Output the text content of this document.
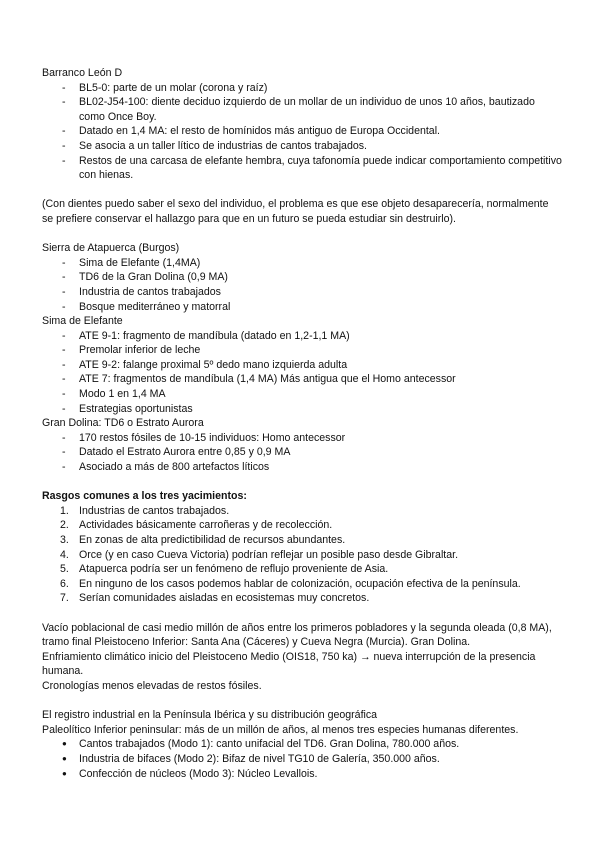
Barranco León D

- BL5-0: parte de un molar (corona y raíz)
- BL02-J54-100: diente deciduo izquierdo de un mollar de un individuo de unos 10 años, bautizado como Once Boy.
- Datado en 1,4 MA: el resto de homínidos más antiguo de Europa Occidental.
- Se asocia a un taller lítico de industrias de cantos trabajados.
- Restos de una carcasa de elefante hembra, cuya tafonomía puede indicar comportamiento competitivo con hienas.

(Con dientes puedo saber el sexo del individuo, el problema es que ese objeto desaparecería, normalmente se prefiere conservar el hallazgo para que en un futuro se pueda estudiar sin destruirlo).

Sierra de Atapuerca (Burgos)

- Sima de Elefante (1,4MA)
- TD6 de la Gran Dolina (0,9 MA)
- Industria de cantos trabajados
- Bosque mediterráneo y matorral

Sima de Elefante

- ATE 9-1: fragmento de mandíbula (datado en 1,2-1,1 MA)
- Premolar inferior de leche
- ATE 9-2: falange proximal 5º dedo mano izquierda adulta
- ATE 7: fragmentos de mandíbula (1,4 MA) Más antigua que el Homo antecessor
- Modo 1 en 1,4 MA
- Estrategias oportunistas

Gran Dolina: TD6 o Estrato Aurora

- 170 restos fósiles de 10-15 individuos: Homo antecessor
- Datado el Estrato Aurora entre 0,85 y 0,9 MA
- Asociado a más de 800 artefactos líticos

Rasgos comunes a los tres yacimientos:

1. Industrias de cantos trabajados.
2. Actividades básicamente carroñeras y de recolección.
3. En zonas de alta predictibilidad de recursos abundantes.
4. Orce (y en caso Cueva Victoria) podrían reflejar un posible paso desde Gibraltar.
5. Atapuerca podría ser un fenómeno de reflujo proveniente de Asia.
6. En ninguno de los casos podemos hablar de colonización, ocupación efectiva de la península.
7. Serían comunidades aisladas en ecosistemas muy concretos.

Vacío poblacional de casi medio millón de años entre los primeros pobladores y la segunda oleada (0,8 MA), tramo final Pleistoceno Inferior: Santa Ana (Cáceres) y Cueva Negra (Murcia). Gran Dolina.

Enfriamiento climático inicio del Pleistoceno Medio (OIS18, 750 ka) → nueva interrupción de la presencia humana.

Cronologías menos elevadas de restos fósiles.

El registro industrial en la Península Ibérica y su distribución geográfica

Paleolítico Inferior peninsular: más de un millón de años, al menos tres especies humanas diferentes.

● Cantos trabajados (Modo 1): canto unifacial del TD6. Gran Dolina, 780.000 años.
● Industria de bifaces (Modo 2): Bifaz de nivel TG10 de Galería, 350.000 años.
● Confección de núcleos (Modo 3): Núcleo Levallois.
